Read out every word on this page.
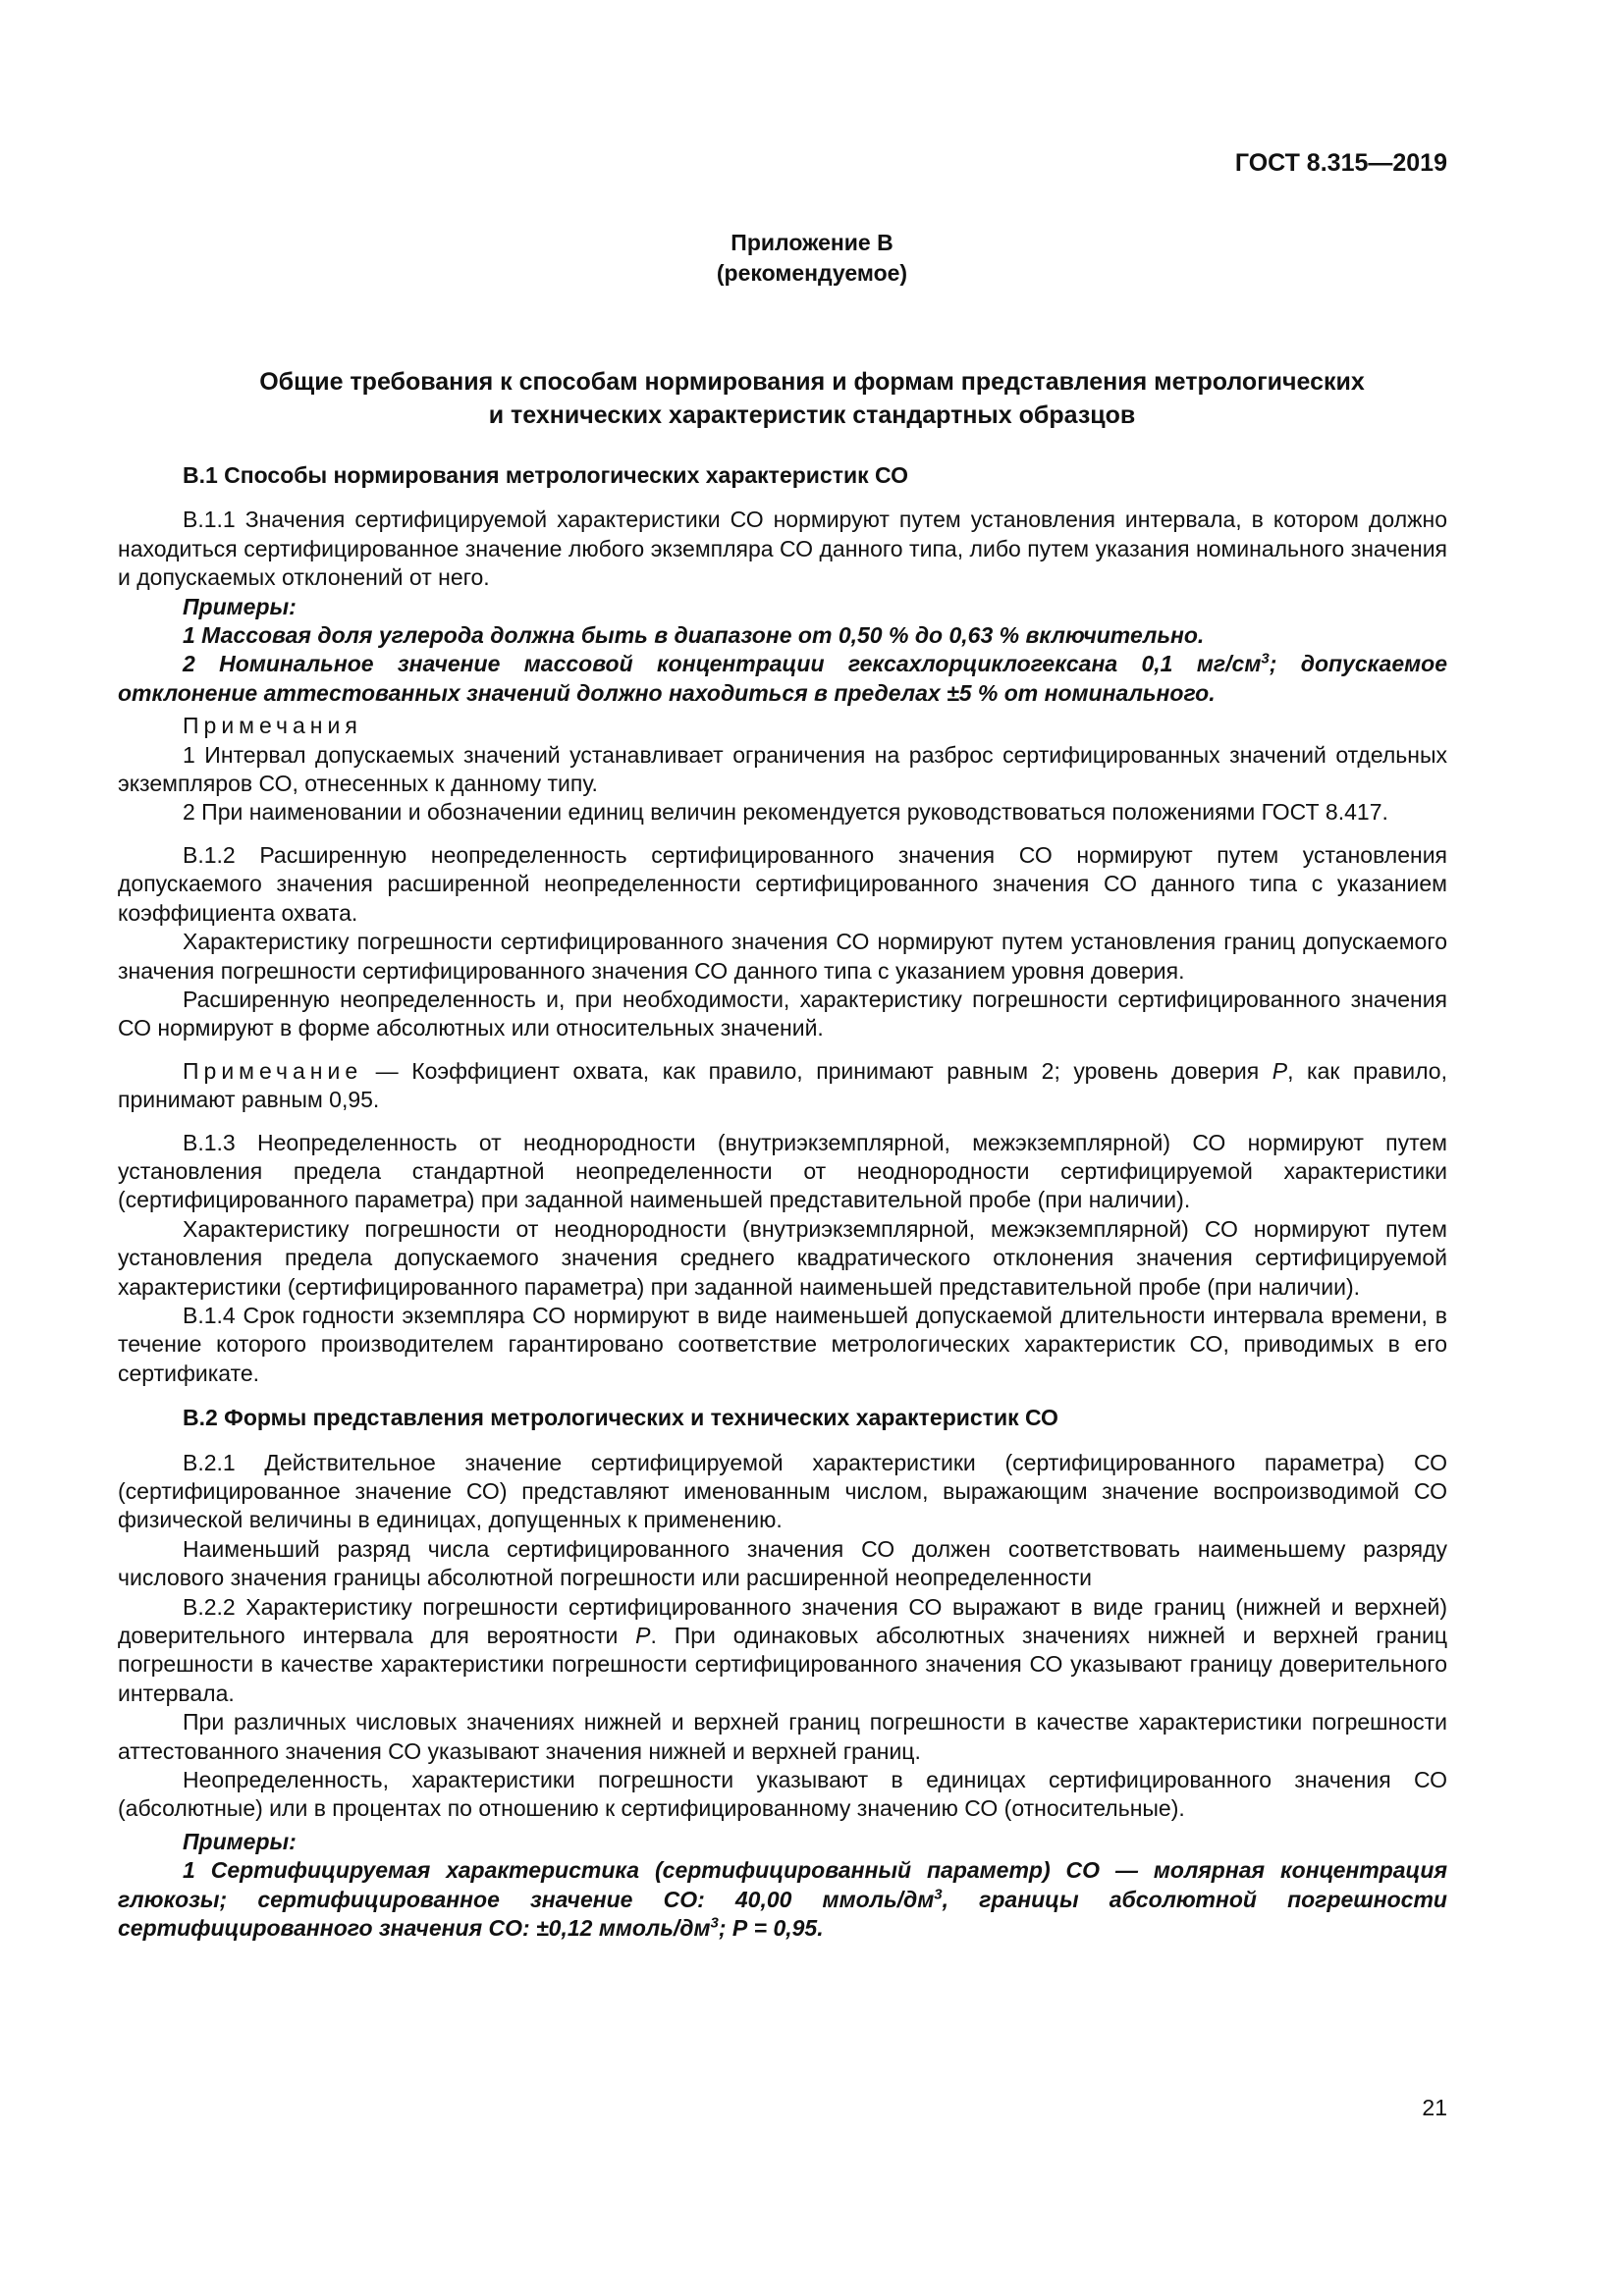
ГОСТ 8.315—2019
Приложение В
(рекомендуемое)
Общие требования к способам нормирования и формам представления метрологических
и технических характеристик стандартных образцов
В.1 Способы нормирования метрологических характеристик СО

В.1.1 Значения сертифицируемой характеристики СО нормируют путем установления интервала, в котором должно находиться сертифицированное значение любого экземпляра СО данного типа, либо путем указания номинального значения и допускаемых отклонений от него.

Примеры:

1 Массовая доля углерода должна быть в диапазоне от 0,50 % до 0,63 % включительно.

2 Номинальное значение массовой концентрации гексахлорциклогексана 0,1 $мг/см^3$; допускаемое отклонение аттестованных значений должно находиться в пределах ±5 % от номинального.

Примечания

1 Интервал допускаемых значений устанавливает ограничения на разброс сертифицированных значений отдельных экземпляров СО, отнесенных к данному типу.

2 При наименовании и обозначении единиц величин рекомендуется руководствоваться положениями ГОСТ 8.417.

В.1.2 Расширенную неопределенность сертифицированного значения СО нормируют путем установления допускаемого значения расширенной неопределенности сертифицированного значения СО данного типа с указанием коэффициента охвата.

Характеристику погрешности сертифицированного значения СО нормируют путем установления границ допускаемого значения погрешности сертифицированного значения СО данного типа с указанием уровня доверия.

Расширенную неопределенность и, при необходимости, характеристику погрешности сертифицированного значения СО нормируют в форме абсолютных или относительных значений.

Примечание — Коэффициент охвата, как правило, принимают равным 2; уровень доверия Р, как правило, принимают равным 0,95.

В.1.3 Неопределенность от неоднородности (внутриэкземплярной, межэкземплярной) СО нормируют путем установления предела стандартной неопределенности от неоднородности сертифицируемой характеристики (сертифицированного параметра) при заданной наименьшей представительной пробе (при наличии).

Характеристику погрешности от неоднородности (внутриэкземплярной, межэкземплярной) СО нормируют путем установления предела допускаемого значения среднего квадратического отклонения значения сертифицируемой характеристики (сертифицированного параметра) при заданной наименьшей представительной пробе (при наличии).

В.1.4 Срок годности экземпляра СО нормируют в виде наименьшей допускаемой длительности интервала времени, в течение которого производителем гарантировано соответствие метрологических характеристик СО, приводимых в его сертификате.

В.2 Формы представления метрологических и технических характеристик СО

В.2.1 Действительное значение сертифицируемой характеристики (сертифицированного параметра) СО (сертифицированное значение СО) представляют именованным числом, выражающим значение воспроизводимой СО физической величины в единицах, допущенных к применению.

Наименьший разряд числа сертифицированного значения СО должен соответствовать наименьшему разряду числового значения границы абсолютной погрешности или расширенной неопределенности

В.2.2 Характеристику погрешности сертифицированного значения СО выражают в виде границ (нижней и верхней) доверительного интервала для вероятности Р. При одинаковых абсолютных значениях нижней и верхней границ погрешности в качестве характеристики погрешности сертифицированного значения СО указывают границу доверительного интервала.

При различных числовых значениях нижней и верхней границ погрешности в качестве характеристики погрешности аттестованного значения СО указывают значения нижней и верхней границ.

Неопределенность, характеристики погрешности указывают в единицах сертифицированного значения СО (абсолютные) или в процентах по отношению к сертифицированному значению СО (относительные).

Примеры:

1 Сертифицируемая характеристика (сертифицированный параметр) СО — молярная концентрация глюкозы; сертифицированное значение СО: 40,00 ммоль/$дм^3$, границы абсолютной погрешности сертифицированного значения СО: ±0,12 ммоль/$дм^3$; Р = 0,95.

21
